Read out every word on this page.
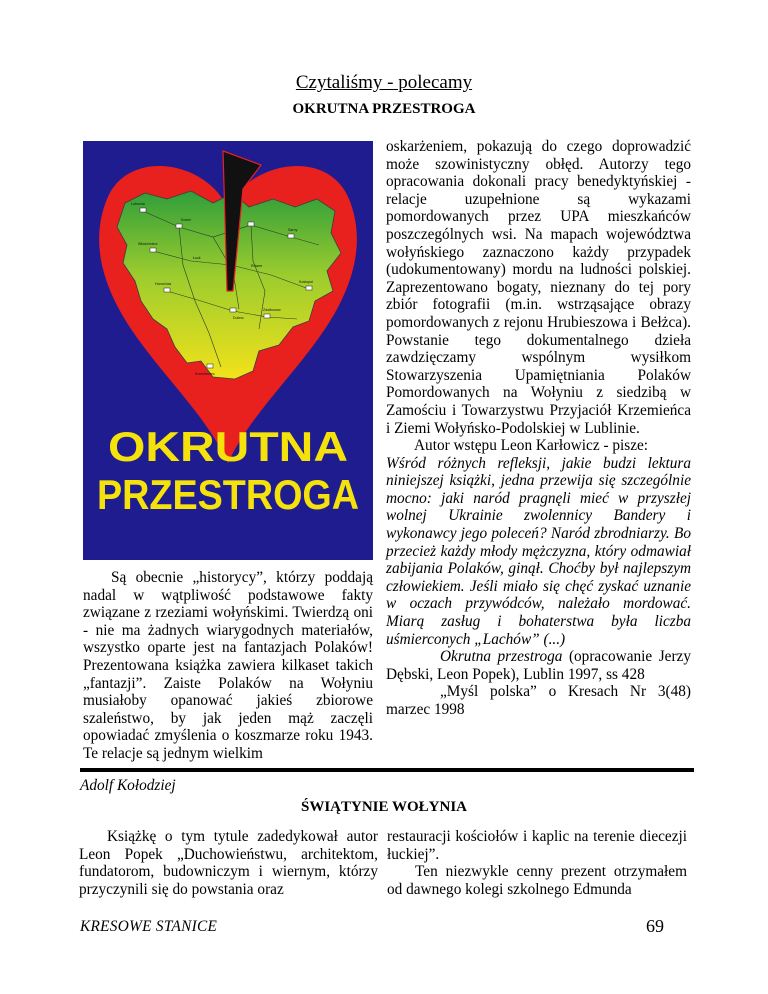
Czytaliśmy - polecamy
OKRUTNA PRZESTROGA
Lubomla
Kowel
Łuck
Sarny
Włodzimierz
Kostopol
Horochów
Zdołbunów
Krzemieniec
Dubno
Równe
OKRUTNA
PRZESTROGA

Są obecnie „historycy”, którzy poddają nadal w wątpliwość podstawowe fakty związane z rzeziami wołyńskimi. Twierdzą oni - nie ma żadnych wiarygodnych materiałów, wszystko oparte jest na fantazjach Polaków! Prezentowana książka zawiera kilkaset takich „fantazji”. Zaiste Polaków na Wołyniu musiałoby opanować jakieś zbiorowe szaleństwo, by jak jeden mąż zaczęli opowiadać zmyślenia o koszmarze roku 1943. Te relacje są jednym wielkim

oskarżeniem, pokazują do czego doprowadzić może szowinistyczny obłęd. Autorzy tego opracowania dokonali pracy benedyktyńskiej - relacje uzupełnione są wykazami pomordowanych przez UPA mieszkańców poszczególnych wsi. Na mapach województwa wołyńskiego zaznaczono każdy przypadek (udokumentowany) mordu na ludności polskiej. Zaprezentowano bogaty, nieznany do tej pory zbiór fotografii (m.in. wstrząsające obrazy pomordowanych z rejonu Hrubieszowa i Bełżca). Powstanie tego dokumentalnego dzieła zawdzięczamy wspólnym wysiłkom Stowarzyszenia Upamiętniania Polaków Pomordowanych na Wołyniu z siedzibą w Zamościu i Towarzystwu Przyjaciół Krzemieńca i Ziemi Wołyńsko-Podolskiej w Lublinie.

Autor wstępu Leon Karłowicz - pisze:

Wśród różnych refleksji, jakie budzi lektura niniejszej książki, jedna przewija się szczególnie mocno: jaki naród pragnęli mieć w przyszłej wolnej Ukrainie zwolennicy Bandery i wykonawcy jego poleceń? Naród zbrodniarzy. Bo przecież każdy młody mężczyzna, który odmawiał zabijania Polaków, ginął. Choćby był najlepszym człowiekiem. Jeśli miało się chęć zyskać uznanie w oczach przywódców, należało mordować. Miarą zasług i bohaterstwa była liczba uśmierconych „Lachów” (...)

Okrutna przestroga (opracowanie Jerzy Dębski, Leon Popek), Lublin 1997, ss 428

„Myśl polska” o Kresach Nr 3(48) marzec 1998

Adolf Kołodziej
ŚWIĄTYNIE WOŁYNIA

Książkę o tym tytule zadedykował autor Leon Popek „Duchowieństwu, architektom, fundatorom, budowniczym i wiernym, którzy przyczynili się do powstania oraz

restauracji kościołów i kaplic na terenie diecezji łuckiej”.

Ten niezwykle cenny prezent otrzymałem od dawnego kolegi szkolnego Edmunda

KRESOWE STANICE	69
